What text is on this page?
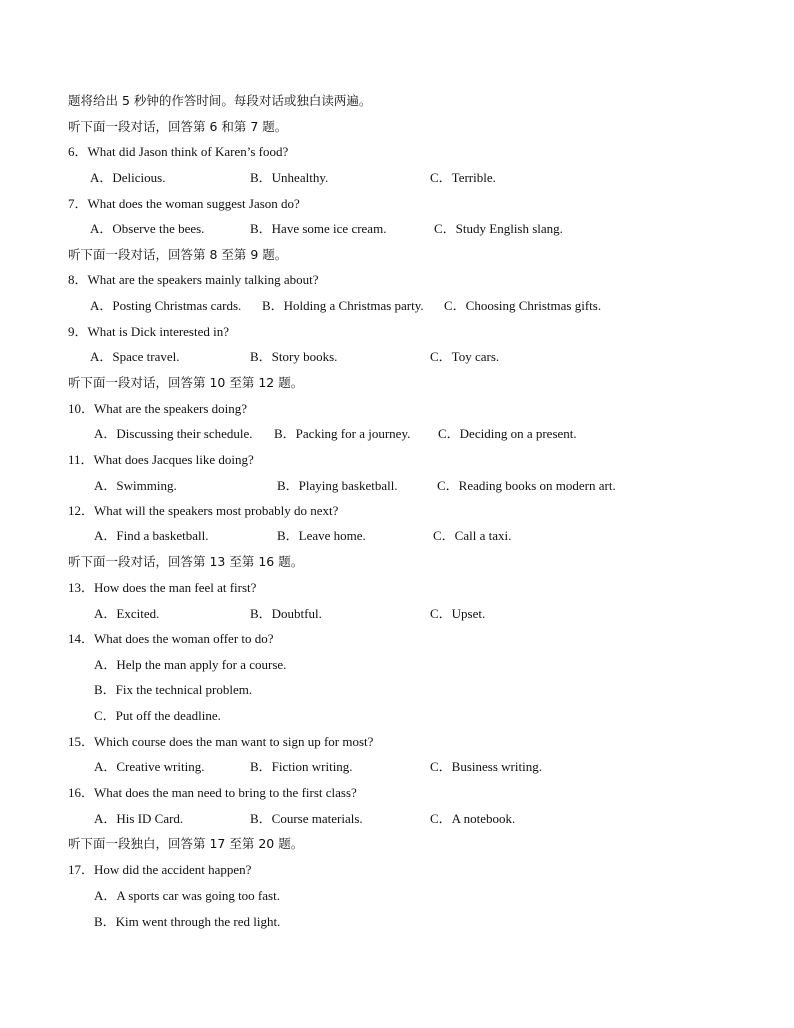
题将给出 5 秒钟的作答时间。每段对话或独白读两遍。
听下面一段对话，回答第 6 和第 7 题。
6．What did Jason think of Karen’s food?
A．Delicious.	B．Unhealthy.	C．Terrible.
7．What does the woman suggest Jason do?
A．Observe the bees.	B．Have some ice cream.	C．Study English slang.
听下面一段对话，回答第 8 至第 9 题。
8．What are the speakers mainly talking about?
A．Posting Christmas cards. B．Holding a Christmas party. C．Choosing Christmas gifts.
9．What is Dick interested in?
A．Space travel.	B．Story books.	C．Toy cars.
听下面一段对话，回答第 10 至第 12 题。
10．What are the speakers doing?
A．Discussing their schedule. B．Packing for a journey. C．Deciding on a present.
11．What does Jacques like doing?
A．Swimming.	B．Playing basketball.	C．Reading books on modern art.
12．What will the speakers most probably do next?
A．Find a basketball.	B．Leave home.	C．Call a taxi.
听下面一段对话，回答第 13 至第 16 题。
13．How does the man feel at first?
A．Excited.	B．Doubtful.	C．Upset.
14．What does the woman offer to do?
A．Help the man apply for a course.
B．Fix the technical problem.
C．Put off the deadline.
15．Which course does the man want to sign up for most?
A．Creative writing.	B．Fiction writing.	C．Business writing.
16．What does the man need to bring to the first class?
A．His ID Card.	B．Course materials.	C．A notebook.
听下面一段独白，回答第 17 至第 20 题。
17．How did the accident happen?
A．A sports car was going too fast.
B．Kim went through the red light.
